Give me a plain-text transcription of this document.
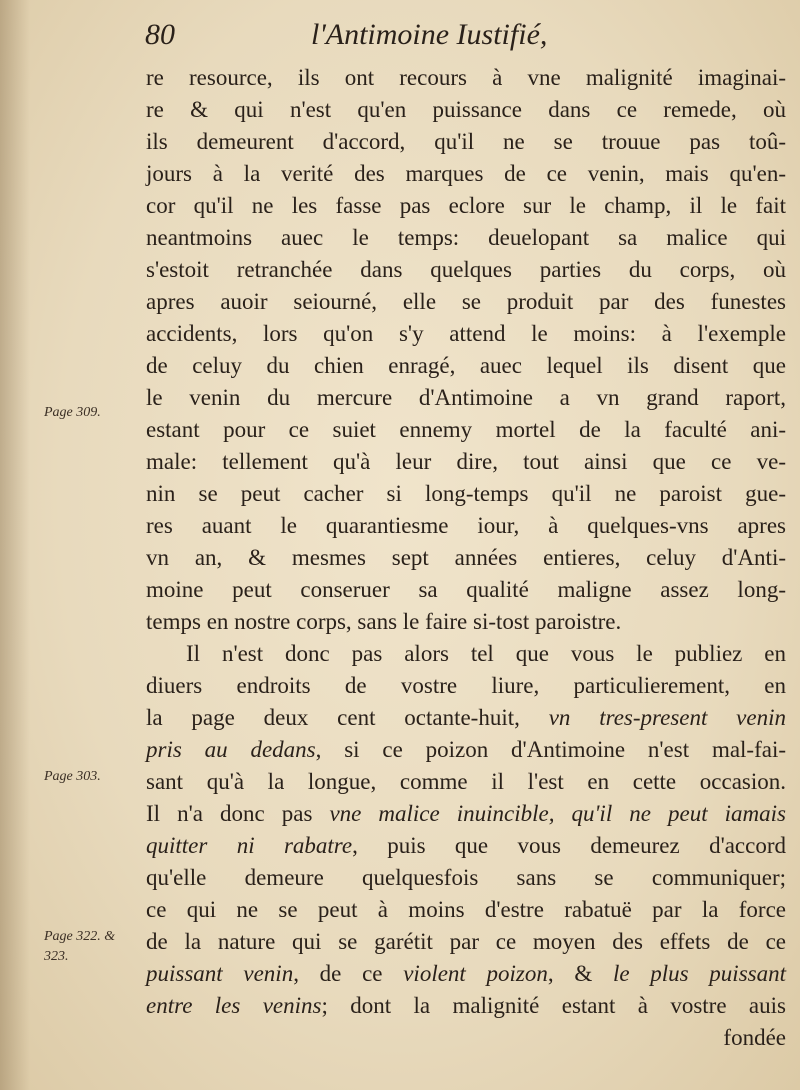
80	l'Antimoine Iustifié,
Page 309.
Page 303.
Page 322. &
323.
re resource, ils ont recours à vne malignité imaginai-
re & qui n'est qu'en puissance dans ce remede, où
ils demeurent d'accord, qu'il ne se trouue pas toû-
jours à la verité des marques de ce venin, mais qu'en-
cor qu'il ne les fasse pas eclore sur le champ, il le fait
neantmoins auec le temps: deuelopant sa malice qui
s'estoit retranchée dans quelques parties du corps, où
apres auoir seiourné, elle se produit par des funestes
accidents, lors qu'on s'y attend le moins: à l'exemple
de celuy du chien enragé, auec lequel ils disent que
le venin du mercure d'Antimoine a vn grand raport,
estant pour ce suiet ennemy mortel de la faculté ani-
male: tellement qu'à leur dire, tout ainsi que ce ve-
nin se peut cacher si long-temps qu'il ne paroist gue-
res auant le quarantiesme iour, à quelques-vns apres
vn an, & mesmes sept années entieres, celuy d'Anti-
moine peut conseruer sa qualité maligne assez long-
temps en nostre corps, sans le faire si-tost paroistre.
Il n'est donc pas alors tel que vous le publiez en
diuers endroits de vostre liure, particulierement, en
la page deux cent octante-huit, vn tres-present venin
pris au dedans, si ce poizon d'Antimoine n'est mal-fai-
sant qu'à la longue, comme il l'est en cette occasion.
Il n'a donc pas vne malice inuincible, qu'il ne peut iamais
quitter ni rabatre, puis que vous demeurez d'accord
qu'elle demeure quelquesfois sans se communiquer;
ce qui ne se peut à moins d'estre rabatuë par la force
de la nature qui se garétit par ce moyen des effets de ce
puissant venin, de ce violent poizon, & le plus puissant
entre les venins; dont la malignité estant à vostre auis
fondée
